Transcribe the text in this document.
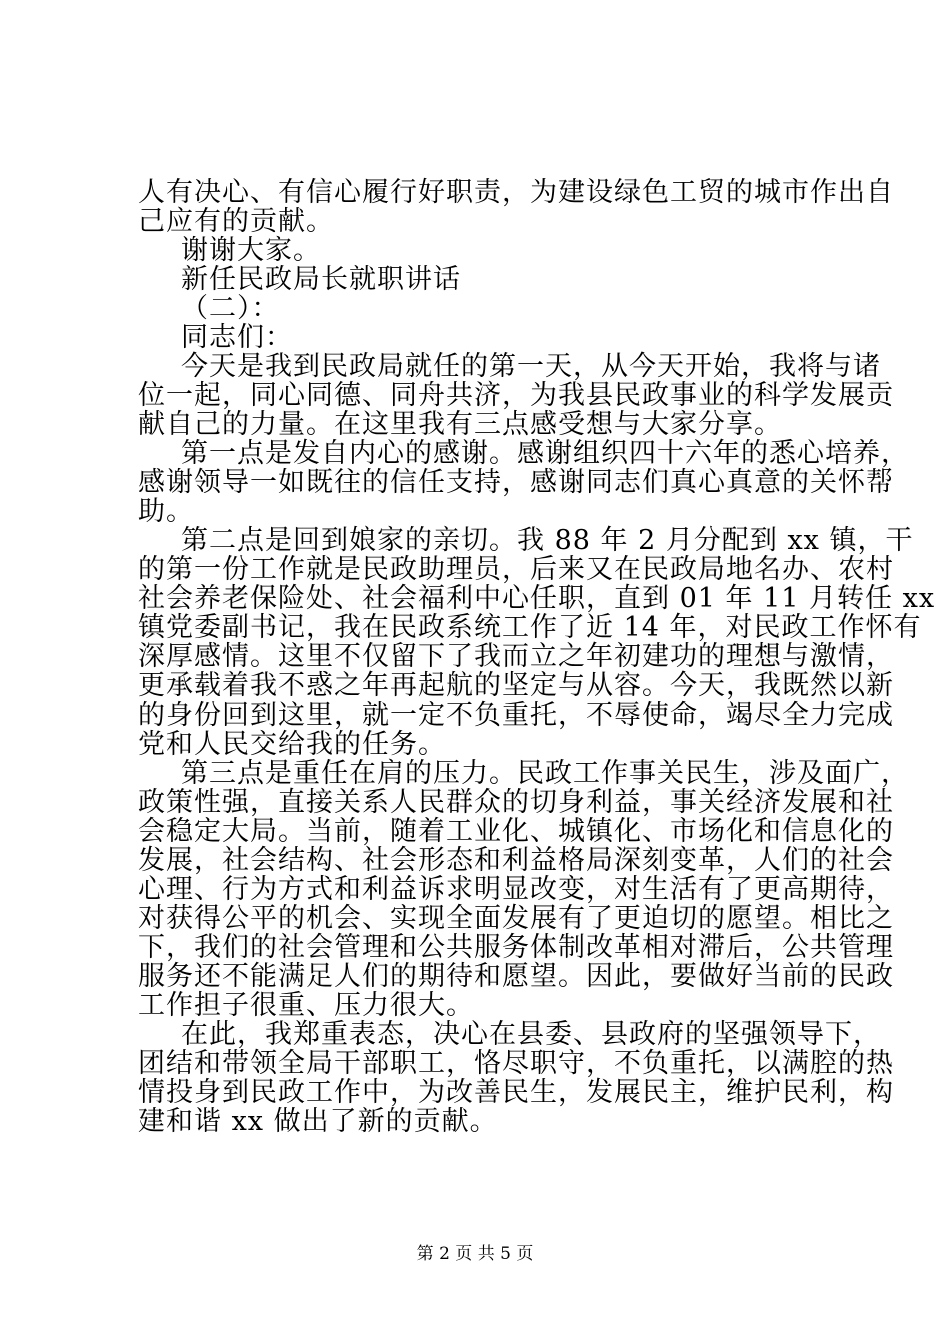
人有决心、有信心履行好职责，为建设绿色工贸的城市作出自
己应有的贡献。
谢谢大家。
新任民政局长就职讲话
（二）：
同志们：
今天是我到民政局就任的第一天，从今天开始，我将与诸
位一起，同心同德、同舟共济，为我县民政事业的科学发展贡
献自己的力量。在这里我有三点感受想与大家分享。
第一点是发自内心的感谢。感谢组织四十六年的悉心培养，
感谢领导一如既往的信任支持，感谢同志们真心真意的关怀帮
助。
第二点是回到娘家的亲切。我 88 年 2 月分配到 xx 镇，干
的第一份工作就是民政助理员，后来又在民政局地名办、农村
社会养老保险处、社会福利中心任职，直到 01 年 11 月转任 xx
镇党委副书记，我在民政系统工作了近 14 年，对民政工作怀有
深厚感情。这里不仅留下了我而立之年初建功的理想与激情，
更承载着我不惑之年再起航的坚定与从容。今天，我既然以新
的身份回到这里，就一定不负重托，不辱使命，竭尽全力完成
党和人民交给我的任务。
第三点是重任在肩的压力。民政工作事关民生，涉及面广，
政策性强，直接关系人民群众的切身利益，事关经济发展和社
会稳定大局。当前，随着工业化、城镇化、市场化和信息化的
发展，社会结构、社会形态和利益格局深刻变革，人们的社会
心理、行为方式和利益诉求明显改变，对生活有了更高期待，
对获得公平的机会、实现全面发展有了更迫切的愿望。相比之
下，我们的社会管理和公共服务体制改革相对滞后，公共管理
服务还不能满足人们的期待和愿望。因此，要做好当前的民政
工作担子很重、压力很大。
在此，我郑重表态，决心在县委、县政府的坚强领导下，
团结和带领全局干部职工，恪尽职守，不负重托，以满腔的热
情投身到民政工作中，为改善民生，发展民主，维护民利，构
建和谐 xx 做出了新的贡献。
第 2 页 共 5 页
